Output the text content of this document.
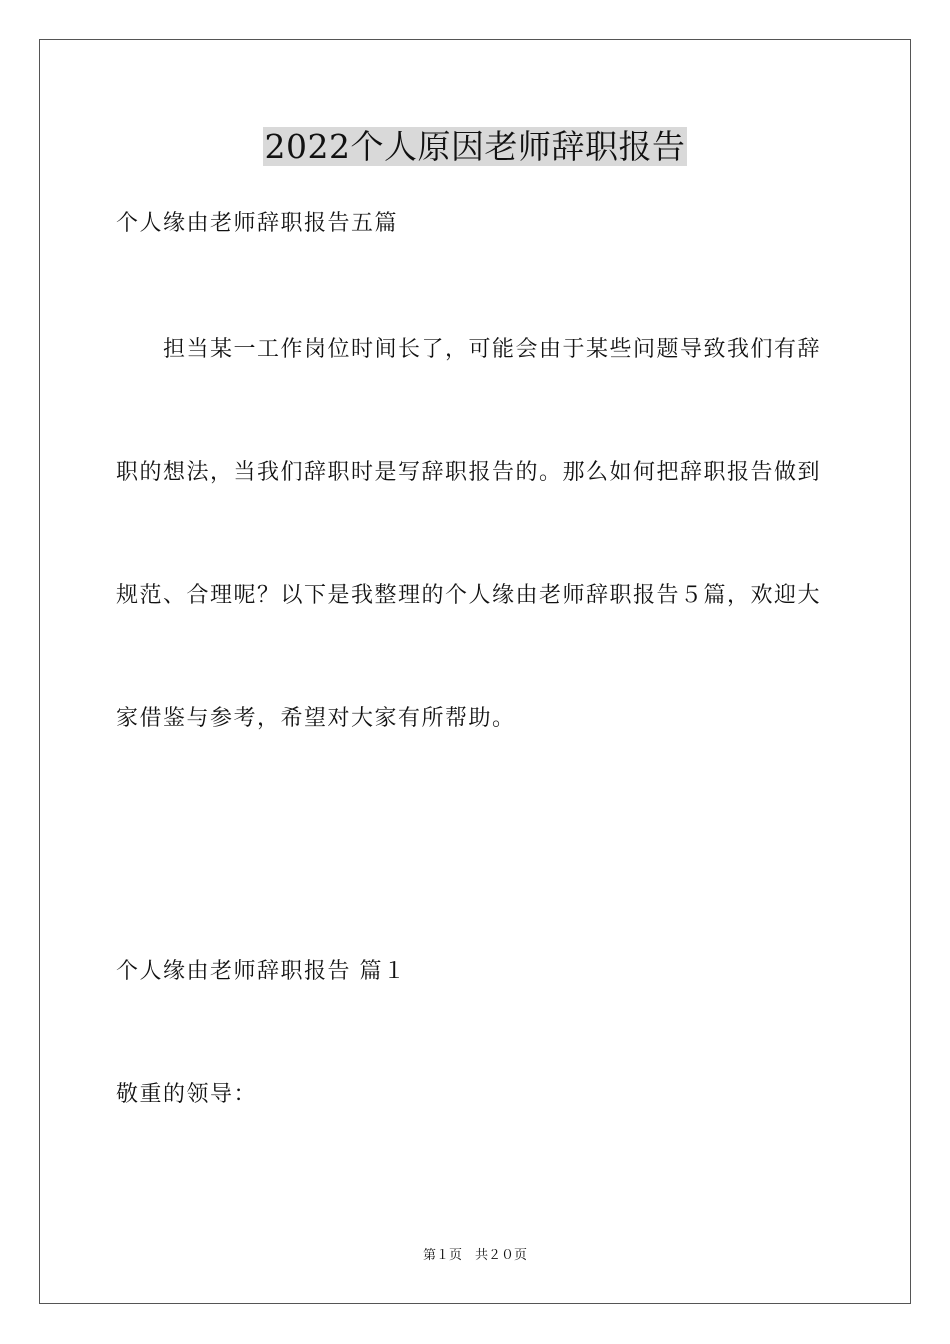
2022个人原因老师辞职报告
个人缘由老师辞职报告五篇
担当某一工作岗位时间长了，可能会由于某些问题导致我们有辞
职的想法，当我们辞职时是写辞职报告的。那么如何把辞职报告做到
规范、合理呢？以下是我整理的个人缘由老师辞职报告５篇，欢迎大
家借鉴与参考，希望对大家有所帮助。
个人缘由老师辞职报告 篇１
敬重的领导：
第１页　共２０页
